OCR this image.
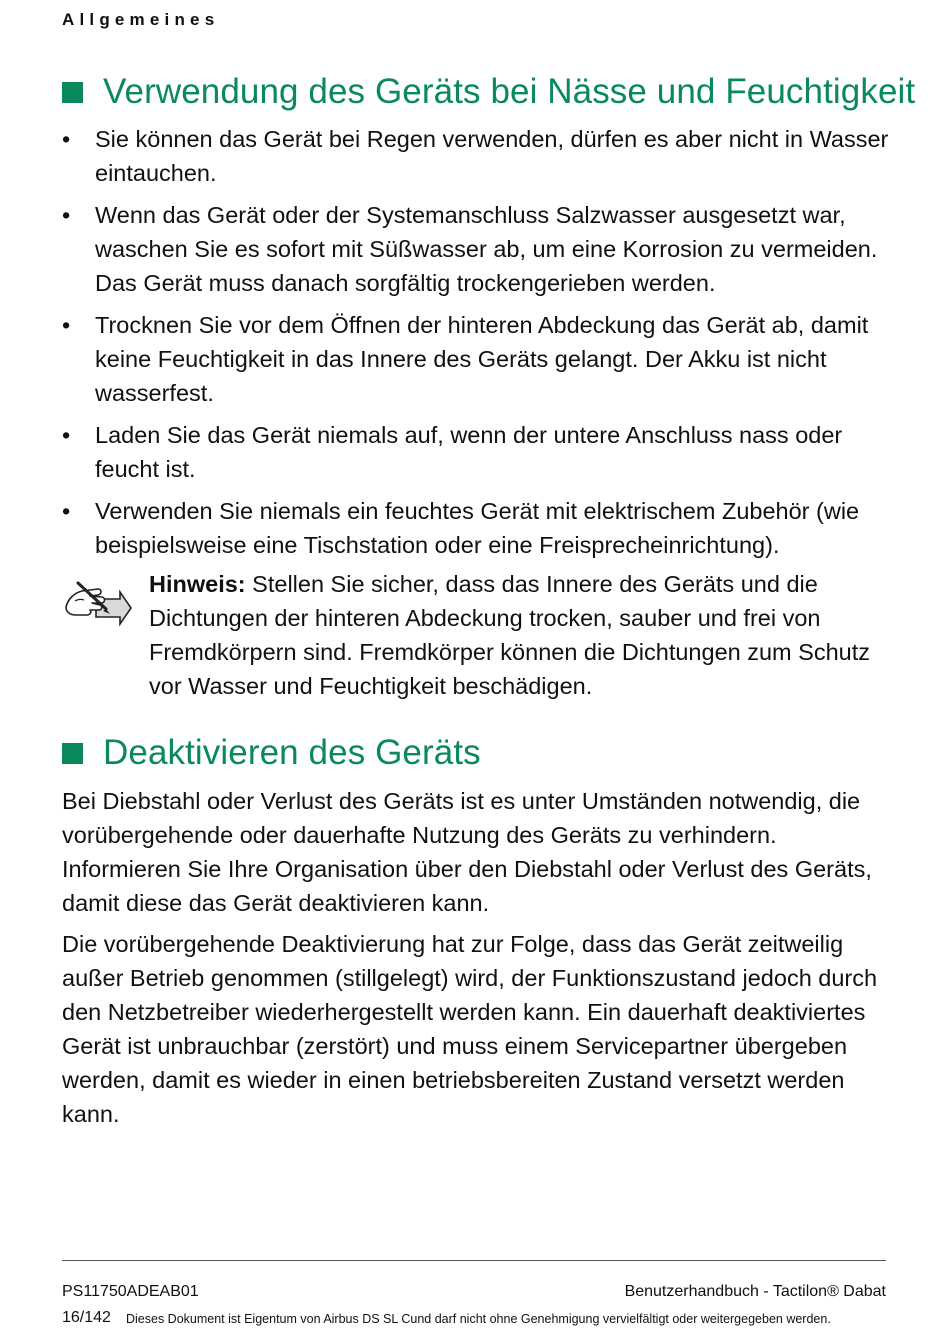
Allgemeines
Verwendung des Geräts bei Nässe und Feuchtigkeit
• Sie können das Gerät bei Regen verwenden, dürfen es aber nicht in Wasser eintauchen.
• Wenn das Gerät oder der Systemanschluss Salzwasser ausgesetzt war, waschen Sie es sofort mit Süßwasser ab, um eine Korrosion zu vermeiden. Das Gerät muss danach sorgfältig trockengerieben werden.
• Trocknen Sie vor dem Öffnen der hinteren Abdeckung das Gerät ab, damit keine Feuchtigkeit in das Innere des Geräts gelangt. Der Akku ist nicht wasserfest.
• Laden Sie das Gerät niemals auf, wenn der untere Anschluss nass oder feucht ist.
• Verwenden Sie niemals ein feuchtes Gerät mit elektrischem Zubehör (wie beispielsweise eine Tischstation oder eine Freisprecheinrichtung).
Hinweis: Stellen Sie sicher, dass das Innere des Geräts und die Dichtungen der hinteren Abdeckung trocken, sauber und frei von Fremdkörpern sind. Fremdkörper können die Dichtungen zum Schutz vor Wasser und Feuchtigkeit beschädigen.
Deaktivieren des Geräts

Bei Diebstahl oder Verlust des Geräts ist es unter Umständen notwendig, die vorübergehende oder dauerhafte Nutzung des Geräts zu verhindern. Informieren Sie Ihre Organisation über den Diebstahl oder Verlust des Geräts, damit diese das Gerät deaktivieren kann.

Die vorübergehende Deaktivierung hat zur Folge, dass das Gerät zeitweilig außer Betrieb genommen (stillgelegt) wird, der Funktionszustand jedoch durch den Netzbetreiber wiederhergestellt werden kann. Ein dauerhaft deaktiviertes Gerät ist unbrauchbar (zerstört) und muss einem Servicepartner übergeben werden, damit es wieder in einen betriebsbereiten Zustand versetzt werden kann.

PS11750ADEAB01	Benutzerhandbuch - Tactilon® Dabat
16/142 Dieses Dokument ist Eigentum von Airbus DS SL Cund darf nicht ohne Genehmigung vervielfältigt oder weitergegeben werden.
